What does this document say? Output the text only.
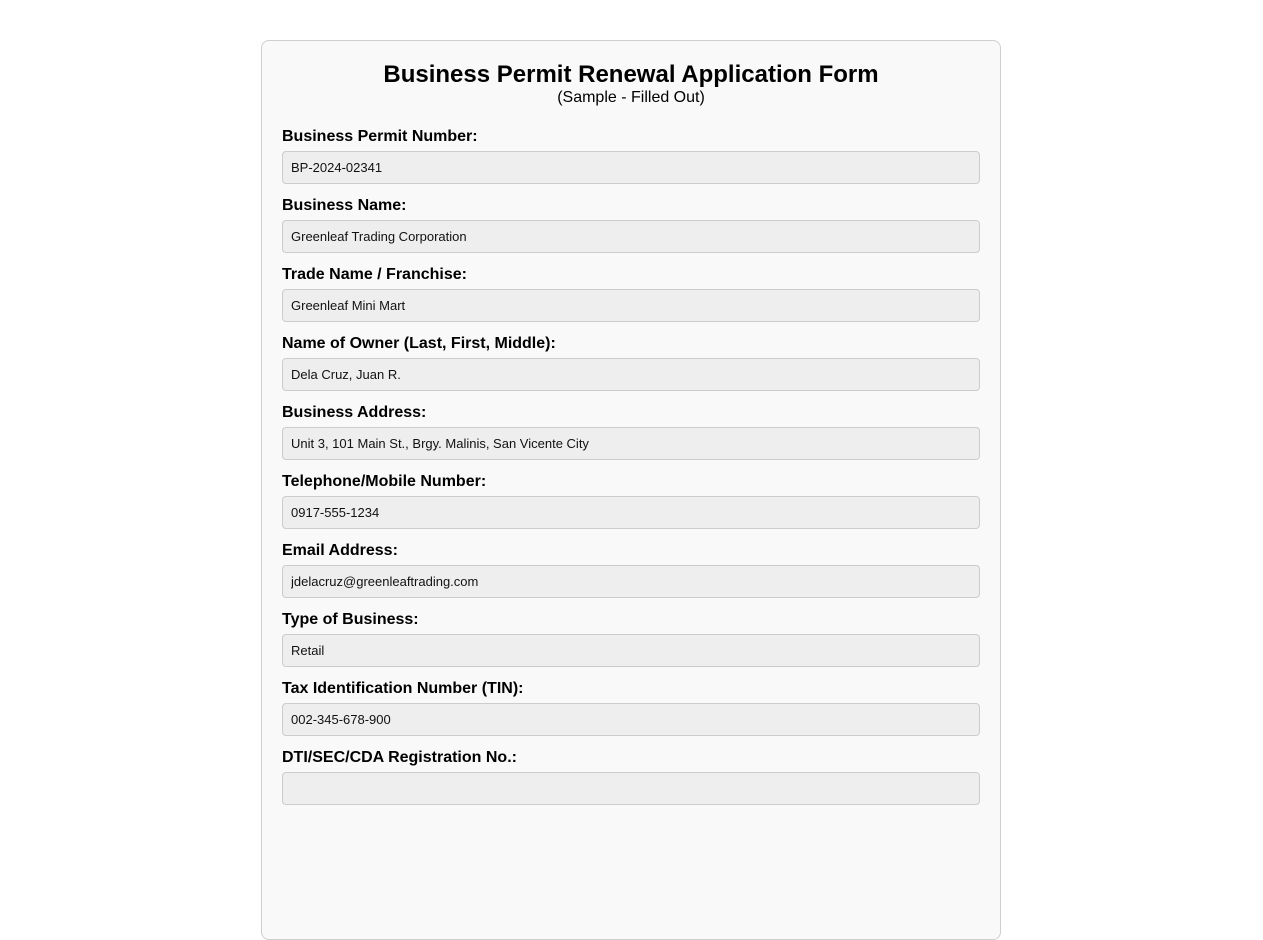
Business Permit Renewal Application Form
(Sample - Filled Out)
Business Permit Number:
BP-2024-02341
Business Name:
Greenleaf Trading Corporation
Trade Name / Franchise:
Greenleaf Mini Mart
Name of Owner (Last, First, Middle):
Dela Cruz, Juan R.
Business Address:
Unit 3, 101 Main St., Brgy. Malinis, San Vicente City
Telephone/Mobile Number:
0917-555-1234
Email Address:
jdelacruz@greenleaftrading.com
Type of Business:
Retail
Tax Identification Number (TIN):
002-345-678-900
DTI/SEC/CDA Registration No.:
